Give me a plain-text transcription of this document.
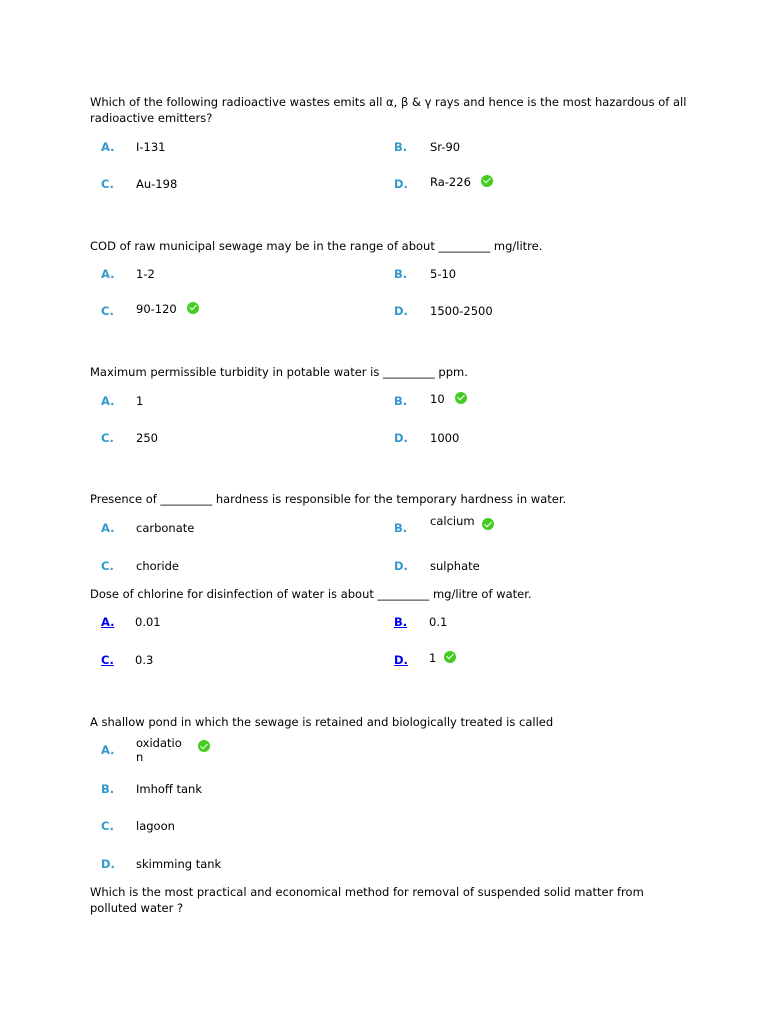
Which of the following radioactive wastes emits all α, β & γ rays and hence is the most hazardous of all radioactive emitters?
A. I-131	B. Sr-90
C. Au-198	D. Ra-226
COD of raw municipal sewage may be in the range of about _________ mg/litre.
A. 1-2	B. 5-10
C. 90-120	D. 1500-2500
Maximum permissible turbidity in potable water is _________ ppm.
A. 1	B. 10
C. 250	D. 1000
Presence of _________ hardness is responsible for the temporary hardness in water.
A. carbonate	B. calcium
C. choride	D. sulphate
Dose of chlorine for disinfection of water is about _________ mg/litre of water.
A. 0.01	B. 0.1
C. 0.3	D. 1
A shallow pond in which the sewage is retained and biologically treated is called
A. oxidation
B. Imhoff tank
C. lagoon
D. skimming tank
Which is the most practical and economical method for removal of suspended solid matter from polluted water ?
